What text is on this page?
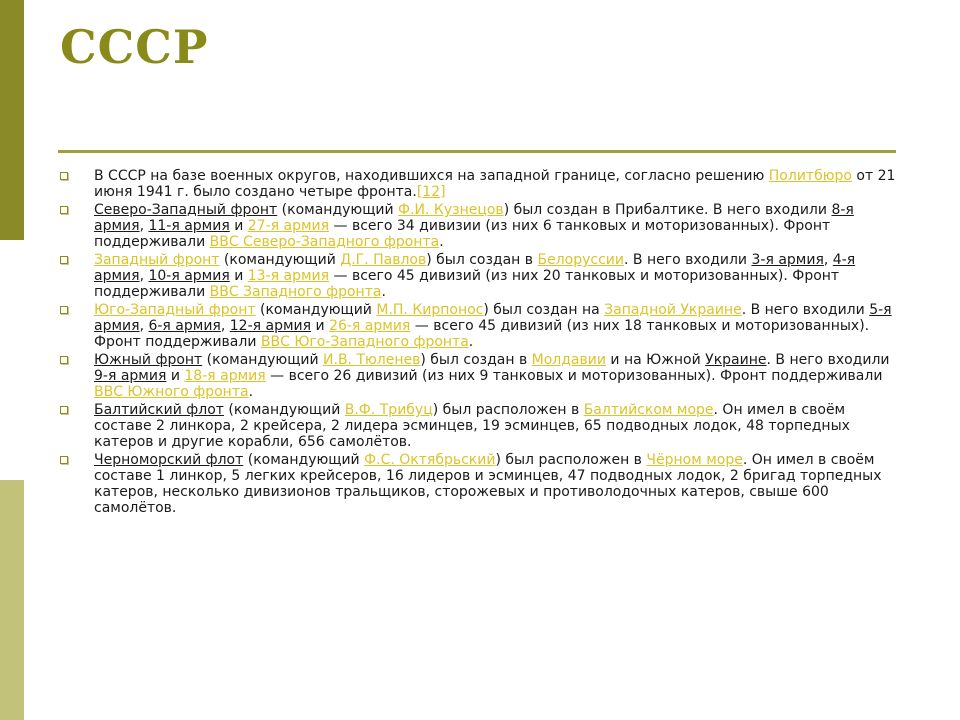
СССР
В СССР на базе военных округов, находившихся на западной границе, согласно решению Политбюро от 21 июня 1941 г. было создано четыре фронта.[12]
Северо-Западный фронт (командующий Ф.И. Кузнецов) был создан в Прибалтике. В него входили 8-я армия, 11-я армия и 27-я армия — всего 34 дивизии (из них 6 танковых и моторизованных). Фронт поддерживали ВВС Северо-Западного фронта.
Западный фронт (командующий Д.Г. Павлов) был создан в Белоруссии. В него входили 3-я армия, 4-я армия, 10-я армия и 13-я армия — всего 45 дивизий (из них 20 танковых и моторизованных). Фронт поддерживали ВВС Западного фронта.
Юго-Западный фронт (командующий М.П. Кирпонос) был создан на Западной Украине. В него входили 5-я армия, 6-я армия, 12-я армия и 26-я армия — всего 45 дивизий (из них 18 танковых и моторизованных). Фронт поддерживали ВВС Юго-Западного фронта.
Южный фронт (командующий И.В. Тюленев) был создан в Молдавии и на Южной Украине. В него входили 9-я армия и 18-я армия — всего 26 дивизий (из них 9 танковых и моторизованных). Фронт поддерживали ВВС Южного фронта.
Балтийский флот (командующий В.Ф. Трибуц) был расположен в Балтийском море. Он имел в своём составе 2 линкора, 2 крейсера, 2 лидера эсминцев, 19 эсминцев, 65 подводных лодок, 48 торпедных катеров и другие корабли, 656 самолётов.
Черноморский флот (командующий Ф.С. Октябрьский) был расположен в Чёрном море. Он имел в своём составе 1 линкор, 5 легких крейсеров, 16 лидеров и эсминцев, 47 подводных лодок, 2 бригад торпедных катеров, несколько дивизионов тральщиков, сторожевых и противолодочных катеров, свыше 600 самолётов.
